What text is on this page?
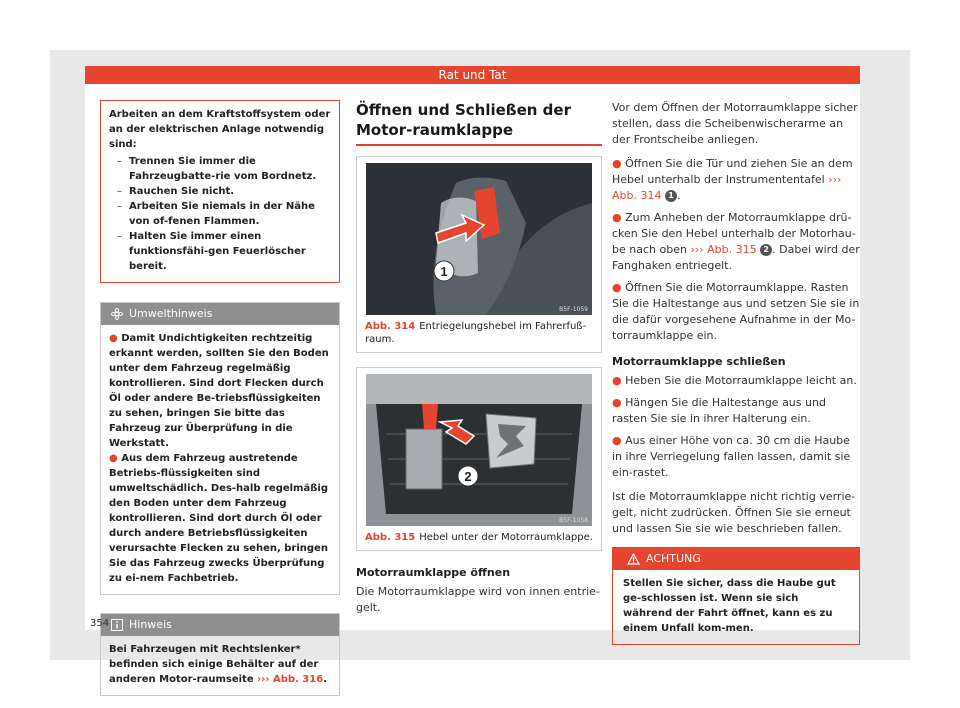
Rat und Tat
Arbeiten an dem Kraftstoffsystem oder an der elektrischen Anlage notwendig sind:
– Trennen Sie immer die Fahrzeugbatte-rie vom Bordnetz.
– Rauchen Sie nicht.
– Arbeiten Sie niemals in der Nähe von of-fenen Flammen.
– Halten Sie immer einen funktionsfähi-gen Feuerlöscher bereit.
Umwelthinweis

● Damit Undichtigkeiten rechtzeitig erkannt werden, sollten Sie den Boden unter dem Fahrzeug regelmäßig kontrollieren. Sind dort Flecken durch Öl oder andere Be-triebsflüssigkeiten zu sehen, bringen Sie bitte das Fahrzeug zur Überprüfung in die Werkstatt.

● Aus dem Fahrzeug austretende Betriebs-flüssigkeiten sind umweltschädlich. Des-halb regelmäßig den Boden unter dem Fahrzeug kontrollieren. Sind dort durch Öl oder durch andere Betriebsflüssigkeiten verursachte Flecken zu sehen, bringen Sie das Fahrzeug zwecks Überprüfung zu ei-nem Fachbetrieb.

Hinweis
Bei Fahrzeugen mit Rechtslenker* befinden sich einige Behälter auf der anderen Motor-raumseite ››› Abb. 316.
Öffnen und Schließen der Motor-raumklappe
1
B5F-1059
Abb. 314 Entriegelungshebel im Fahrerfuß-raum.
2
B5F-1058
Abb. 315 Hebel unter der Motorraumklappe.
Motorraumklappe öffnen
Die Motorraumklappe wird von innen entrie-gelt.
Vor dem Öffnen der Motorraumklappe sicher stellen, dass die Scheibenwischerarme an der Frontscheibe anliegen.
● Öffnen Sie die Tür und ziehen Sie an dem Hebel unterhalb der Instrumententafel ››› Abb. 314 1 .
● Zum Anheben der Motorraumklappe drü-cken Sie den Hebel unterhalb der Motorhau-be nach oben ››› Abb. 315 2 . Dabei wird der Fanghaken entriegelt.
● Öffnen Sie die Motorraumklappe. Rasten Sie die Haltestange aus und setzen Sie sie in die dafür vorgesehene Aufnahme in der Mo-torraumklappe ein.
Motorraumklappe schließen
● Heben Sie die Motorraumklappe leicht an.
● Hängen Sie die Haltestange aus und rasten Sie sie in ihrer Halterung ein.
● Aus einer Höhe von ca. 30 cm die Haube in ihre Verriegelung fallen lassen, damit sie ein-rastet.
Ist die Motorraumklappe nicht richtig verrie-gelt, nicht zudrücken. Öffnen Sie sie erneut und lassen Sie sie wie beschrieben fallen.
ACHTUNG
Stellen Sie sicher, dass die Haube gut ge-schlossen ist. Wenn sie sich während der Fahrt öffnet, kann es zu einem Unfall kom-men.
354
